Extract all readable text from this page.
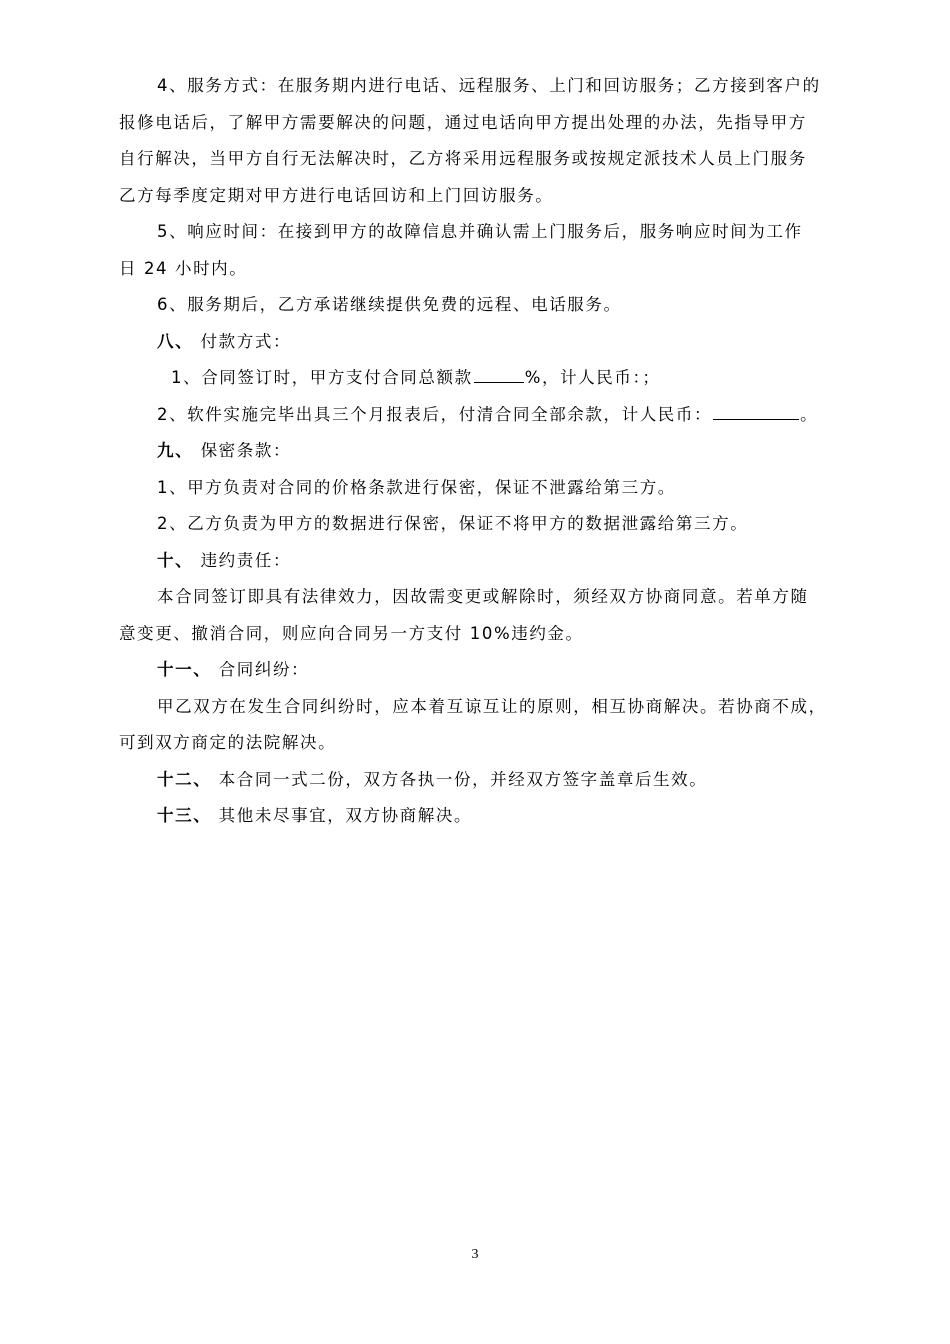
4、服务方式：在服务期内进行电话、远程服务、上门和回访服务；乙方接到客户的

报修电话后，了解甲方需要解决的问题，通过电话向甲方提出处理的办法，先指导甲方

自行解决，当甲方自行无法解决时，乙方将采用远程服务或按规定派技术人员上门服务

乙方每季度定期对甲方进行电话回访和上门回访服务。

5、响应时间：在接到甲方的故障信息并确认需上门服务后，服务响应时间为工作

日 24 小时内。

6、服务期后，乙方承诺继续提供免费的远程、电话服务。

八、 付款方式：

1、合同签订时，甲方支付合同总额款	%，计人民币：；

2、软件实施完毕出具三个月报表后，付清合同全部余款，计人民币：	。

九、 保密条款：

1、甲方负责对合同的价格条款进行保密，保证不泄露给第三方。

2、乙方负责为甲方的数据进行保密，保证不将甲方的数据泄露给第三方。

十、 违约责任：

本合同签订即具有法律效力，因故需变更或解除时，须经双方协商同意。若单方随

意变更、撤消合同，则应向合同另一方支付 10%违约金。

十一、 合同纠纷：

甲乙双方在发生合同纠纷时，应本着互谅互让的原则，相互协商解决。若协商不成，

可到双方商定的法院解决。

十二、 本合同一式二份，双方各执一份，并经双方签字盖章后生效。

十三、 其他未尽事宜，双方协商解决。

3
